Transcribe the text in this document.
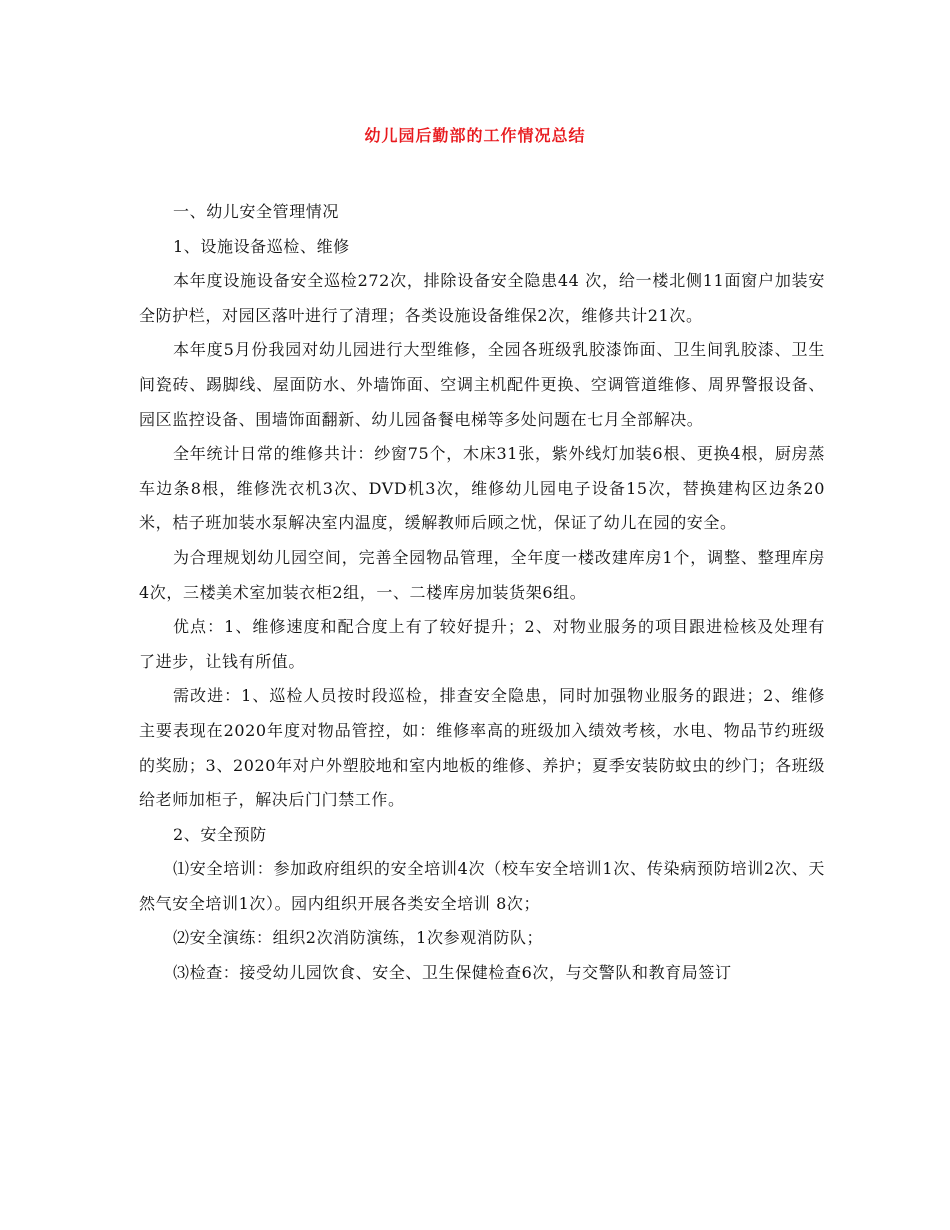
幼儿园后勤部的工作情况总结

一、幼儿安全管理情况

1、设施设备巡检、维修

本年度设施设备安全巡检272次，排除设备安全隐患44 次，给一楼北侧11面窗户加装安全防护栏，对园区落叶进行了清理；各类设施设备维保2次，维修共计21次。

本年度5月份我园对幼儿园进行大型维修，全园各班级乳胶漆饰面、卫生间乳胶漆、卫生间瓷砖、踢脚线、屋面防水、外墙饰面、空调主机配件更换、空调管道维修、周界警报设备、园区监控设备、围墙饰面翻新、幼儿园备餐电梯等多处问题在七月全部解决。

全年统计日常的维修共计：纱窗75个，木床31张，紫外线灯加装6根、更换4根，厨房蒸车边条8根，维修洗衣机3次、DVD机3次，维修幼儿园电子设备15次，替换建构区边条20米，桔子班加装水泵解决室内温度，缓解教师后顾之忧，保证了幼儿在园的安全。

为合理规划幼儿园空间，完善全园物品管理，全年度一楼改建库房1个，调整、整理库房4次，三楼美术室加装衣柜2组，一、二楼库房加装货架6组。

优点：1、维修速度和配合度上有了较好提升；2、对物业服务的项目跟进检核及处理有了进步，让钱有所值。

需改进：1、巡检人员按时段巡检，排查安全隐患，同时加强物业服务的跟进；2、维修主要表现在2020年度对物品管控，如：维修率高的班级加入绩效考核，水电、物品节约班级的奖励；3、2020年对户外塑胶地和室内地板的维修、养护；夏季安装防蚊虫的纱门；各班级给老师加柜子，解决后门门禁工作。

2、安全预防

⑴安全培训：参加政府组织的安全培训4次（校车安全培训1次、传染病预防培训2次、天然气安全培训1次）。园内组织开展各类安全培训 8次；

⑵安全演练：组织2次消防演练，1次参观消防队；

⑶检查：接受幼儿园饮食、安全、卫生保健检查6次，与交警队和教育局签订
